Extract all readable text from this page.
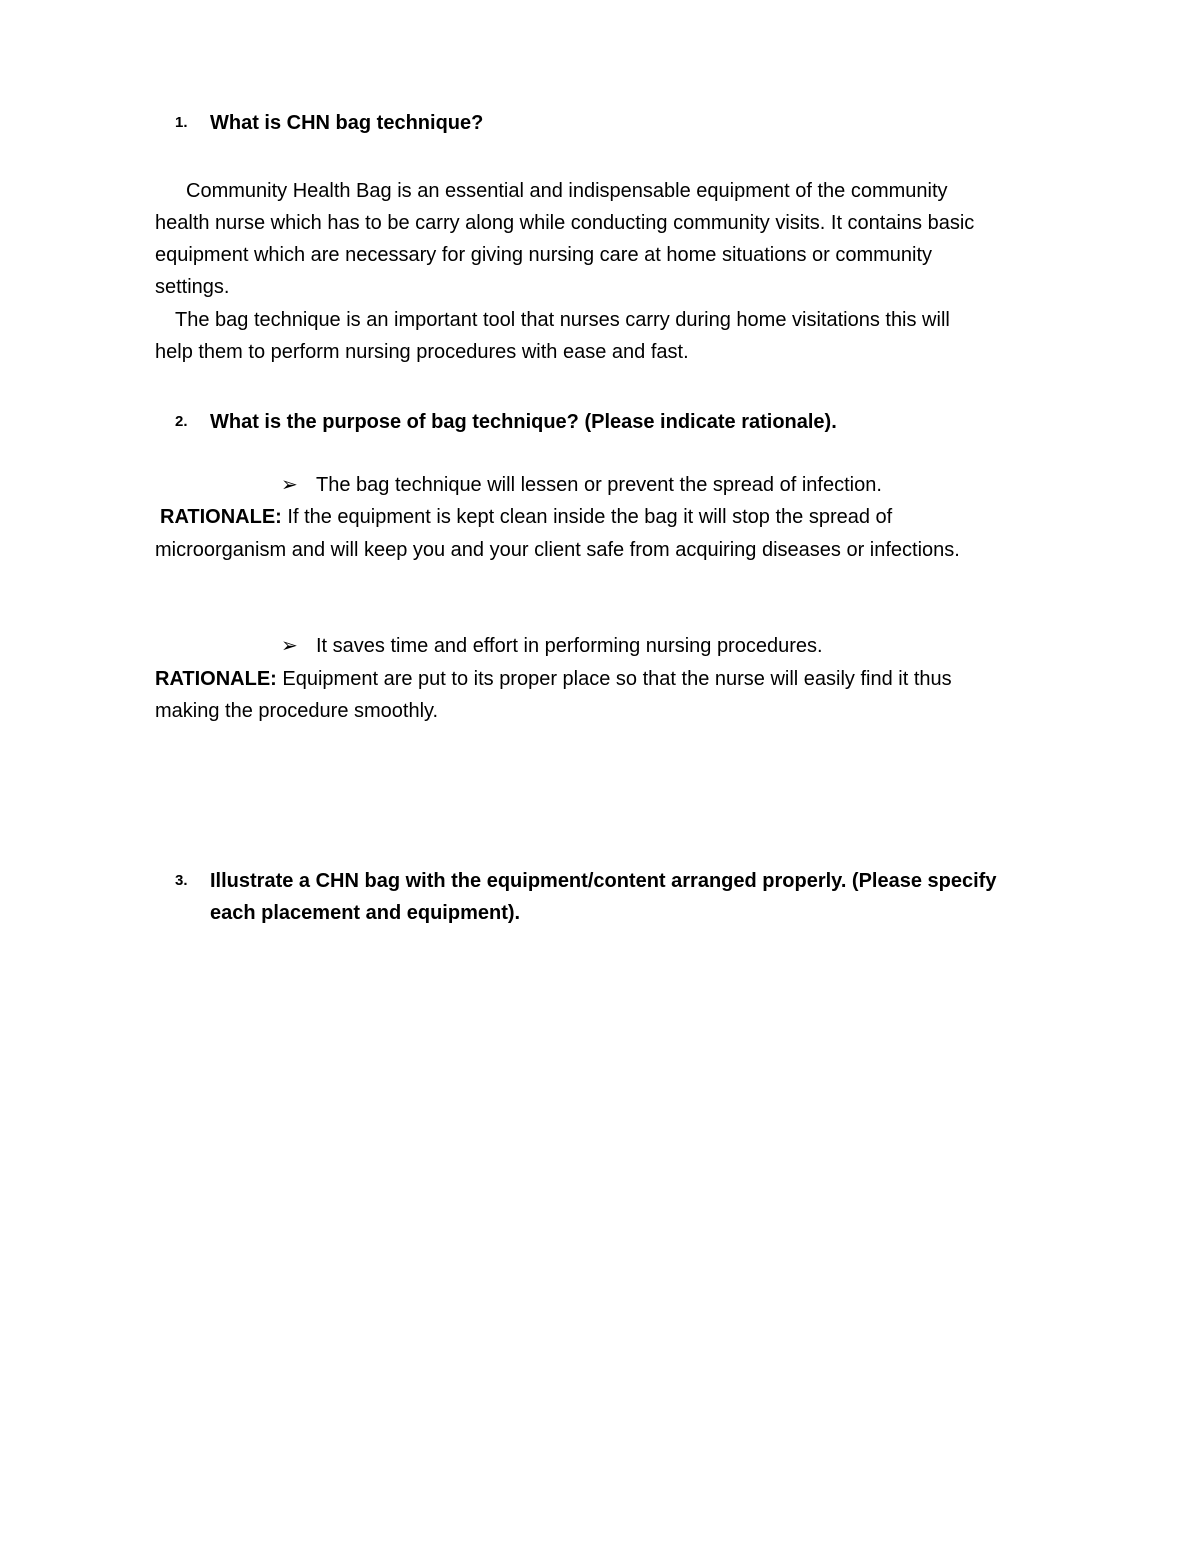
1. What is CHN bag technique?
Community Health Bag is an essential and indispensable equipment of the community
health nurse which has to be carry along while conducting community visits. It contains basic
equipment which are necessary for giving nursing care at home situations or community
settings.
The bag technique is an important tool that nurses carry during home visitations this will
help them to perform nursing procedures with ease and fast.
2. What is the purpose of bag technique? (Please indicate rationale).
➢ The bag technique will lessen or prevent the spread of infection.
RATIONALE: If the equipment is kept clean inside the bag it will stop the spread of
microorganism and will keep you and your client safe from acquiring diseases or infections.
➢ It saves time and effort in performing nursing procedures.
RATIONALE: Equipment are put to its proper place so that the nurse will easily find it thus
making the procedure smoothly.
3. Illustrate a CHN bag with the equipment/content arranged properly. (Please specify
each placement and equipment).
